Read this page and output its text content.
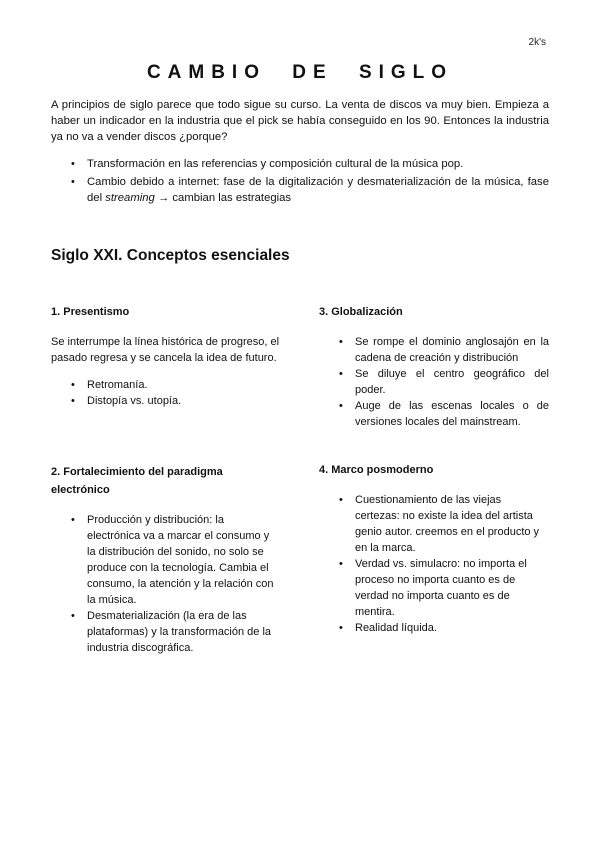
2k's
CAMBIO DE SIGLO

A principios de siglo parece que todo sigue su curso. La venta de discos va muy bien. Empieza a haber un indicador en la industria que el pick se había conseguido en los 90. Entonces la industria ya no va a vender discos ¿porque?

• Transformación en las referencias y composición cultural de la música pop.
• Cambio debido a internet: fase de la digitalización y desmaterialización de la música, fase del streaming → cambian las estrategias
Siglo XXI. Conceptos esenciales
1. Presentismo

Se interrumpe la línea histórica de progreso, el pasado regresa y se cancela la idea de futuro.

• Retromanía.
• Distopía vs. utopía.
3. Globalización
• Se rompe el dominio anglosajón en la cadena de creación y distribución
• Se diluye el centro geográfico del poder.
• Auge de las escenas locales o de versiones locales del mainstream.
2. Fortalecimiento del paradigma electrónico
• Producción y distribución: la electrónica va a marcar el consumo y la distribución del sonido, no solo se produce con la tecnología. Cambia el consumo, la atención y la relación con la música.
• Desmaterialización (la era de las plataformas) y la transformación de la industria discográfica.
4. Marco posmoderno
• Cuestionamiento de las viejas certezas: no existe la idea del artista genio autor. creemos en el producto y en la marca.
• Verdad vs. simulacro: no importa el proceso no importa cuanto es de verdad no importa cuanto es de mentira.
• Realidad líquida.
